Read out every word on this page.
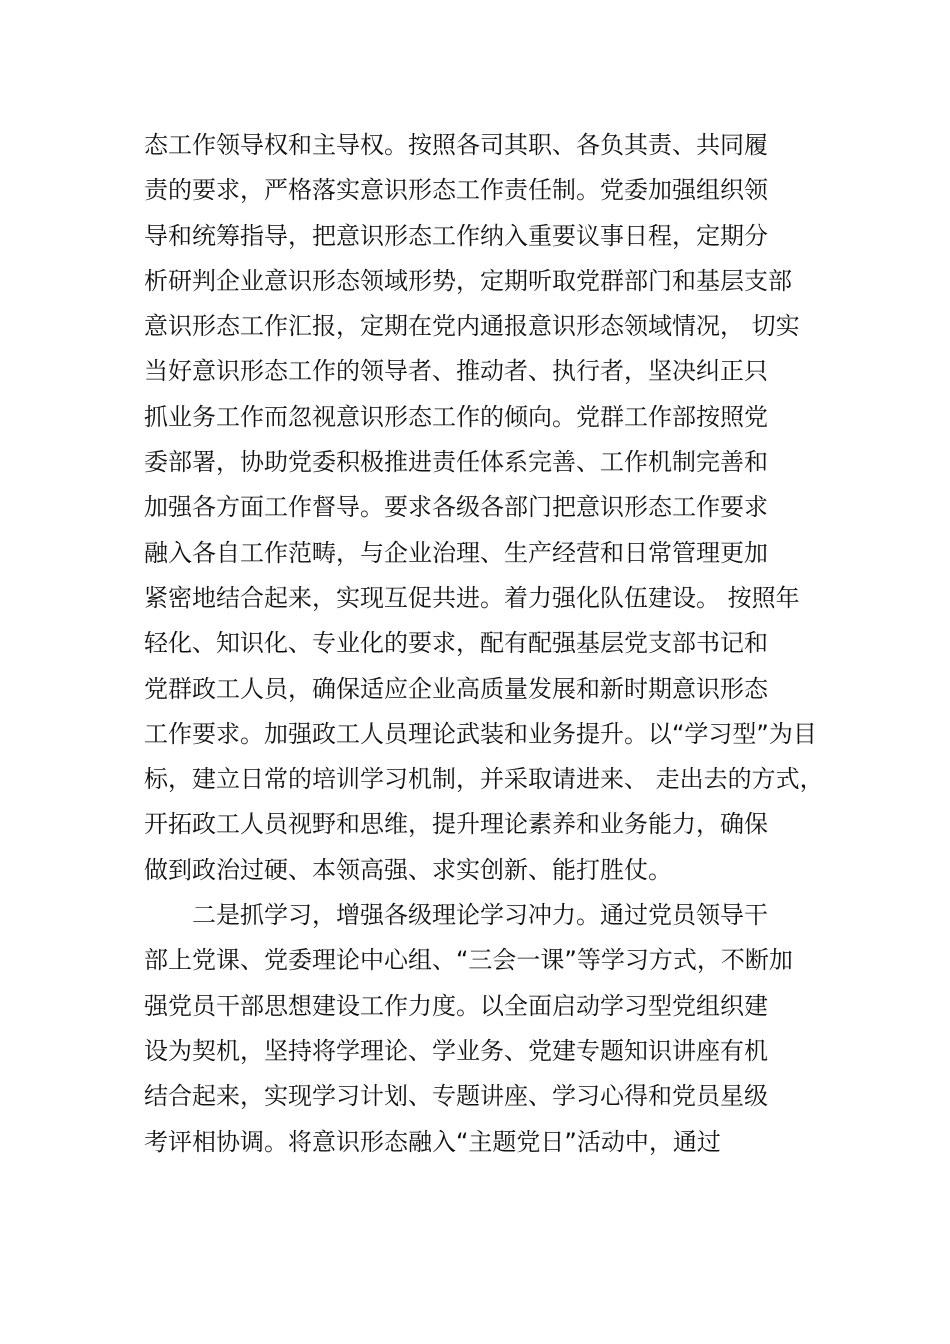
态工作领导权和主导权。按照各司其职、各负其责、共同履
责的要求，严格落实意识形态工作责任制。党委加强组织领
导和统筹指导，把意识形态工作纳入重要议事日程，定期分
析研判企业意识形态领域形势，定期听取党群部门和基层支部
意识形态工作汇报，定期在党内通报意识形态领域情况， 切实
当好意识形态工作的领导者、推动者、执行者，坚决纠正只
抓业务工作而忽视意识形态工作的倾向。党群工作部按照党
委部署，协助党委积极推进责任体系完善、工作机制完善和
加强各方面工作督导。要求各级各部门把意识形态工作要求
融入各自工作范畴，与企业治理、生产经营和日常管理更加
紧密地结合起来，实现互促共进。着力强化队伍建设。 按照年
轻化、知识化、专业化的要求，配有配强基层党支部书记和
党群政工人员，确保适应企业高质量发展和新时期意识形态
工作要求。加强政工人员理论武装和业务提升。以“学习型”为目
标，建立日常的培训学习机制，并采取请进来、 走出去的方式，
开拓政工人员视野和思维，提升理论素养和业务能力，确保
做到政治过硬、本领高强、求实创新、能打胜仗。
二是抓学习，增强各级理论学习冲力。通过党员领导干
部上党课、党委理论中心组、“三会一课”等学习方式，不断加
强党员干部思想建设工作力度。以全面启动学习型党组织建
设为契机，坚持将学理论、学业务、党建专题知识讲座有机
结合起来，实现学习计划、专题讲座、学习心得和党员星级
考评相协调。将意识形态融入“主题党日”活动中，通过
